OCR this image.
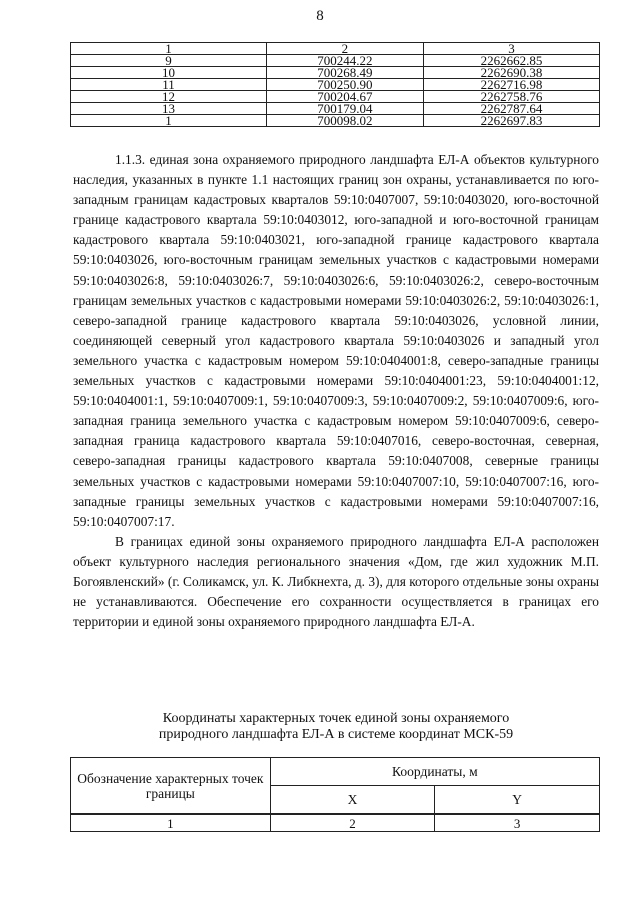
8
1	2	3
9	700244.22	2262662.85
10	700268.49	2262690.38
11	700250.90	2262716.98
12	700204.67	2262758.76
13	700179.04	2262787.64
1	700098.02	2262697.83

1.1.3. единая зона охраняемого природного ландшафта ЕЛ-А объектов культурного наследия, указанных в пункте 1.1 настоящих границ зон охраны, устанавливается по юго-западным границам кадастровых кварталов 59:10:0407007, 59:10:0403020, юго-восточной границе кадастрового квартала 59:10:0403012, юго-западной и юго-восточной границам кадастрового квартала 59:10:0403021, юго-западной границе кадастрового квартала 59:10:0403026, юго-восточным границам земельных участков с кадастровыми номерами 59:10:0403026:8, 59:10:0403026:7, 59:10:0403026:6, 59:10:0403026:2, северо-восточным границам земельных участков с кадастровыми номерами 59:10:0403026:2, 59:10:0403026:1, северо-западной границе кадастрового квартала 59:10:0403026, условной линии, соединяющей северный угол кадастрового квартала 59:10:0403026 и западный угол земельного участка с кадастровым номером 59:10:0404001:8, северо-западные границы земельных участков с кадастровыми номерами 59:10:0404001:23, 59:10:0404001:12, 59:10:0404001:1, 59:10:0407009:1, 59:10:0407009:3, 59:10:0407009:2, 59:10:0407009:6, юго-западная граница земельного участка с кадастровым номером 59:10:0407009:6, северо-западная граница кадастрового квартала 59:10:0407016, северо-восточная, северная, северо-западная границы кадастрового квартала 59:10:0407008, северные границы земельных участков с кадастровыми номерами 59:10:0407007:10, 59:10:0407007:16, юго-западные границы земельных участков с кадастровыми номерами 59:10:0407007:16, 59:10:0407007:17.

В границах единой зоны охраняемого природного ландшафта ЕЛ-А расположен объект культурного наследия регионального значения «Дом, где жил художник М.П. Богоявленский» (г. Соликамск, ул. К. Либкнехта, д. 3), для которого отдельные зоны охраны не устанавливаются. Обеспечение его сохранности осуществляется в границах его территории и единой зоны охраняемого природного ландшафта ЕЛ-А.

Координаты характерных точек единой зоны охраняемого
природного ландшафта ЕЛ-А в системе координат МСК-59
Обозначение характерных точек границы	Координаты, м	
	X	Y
1	2	3
